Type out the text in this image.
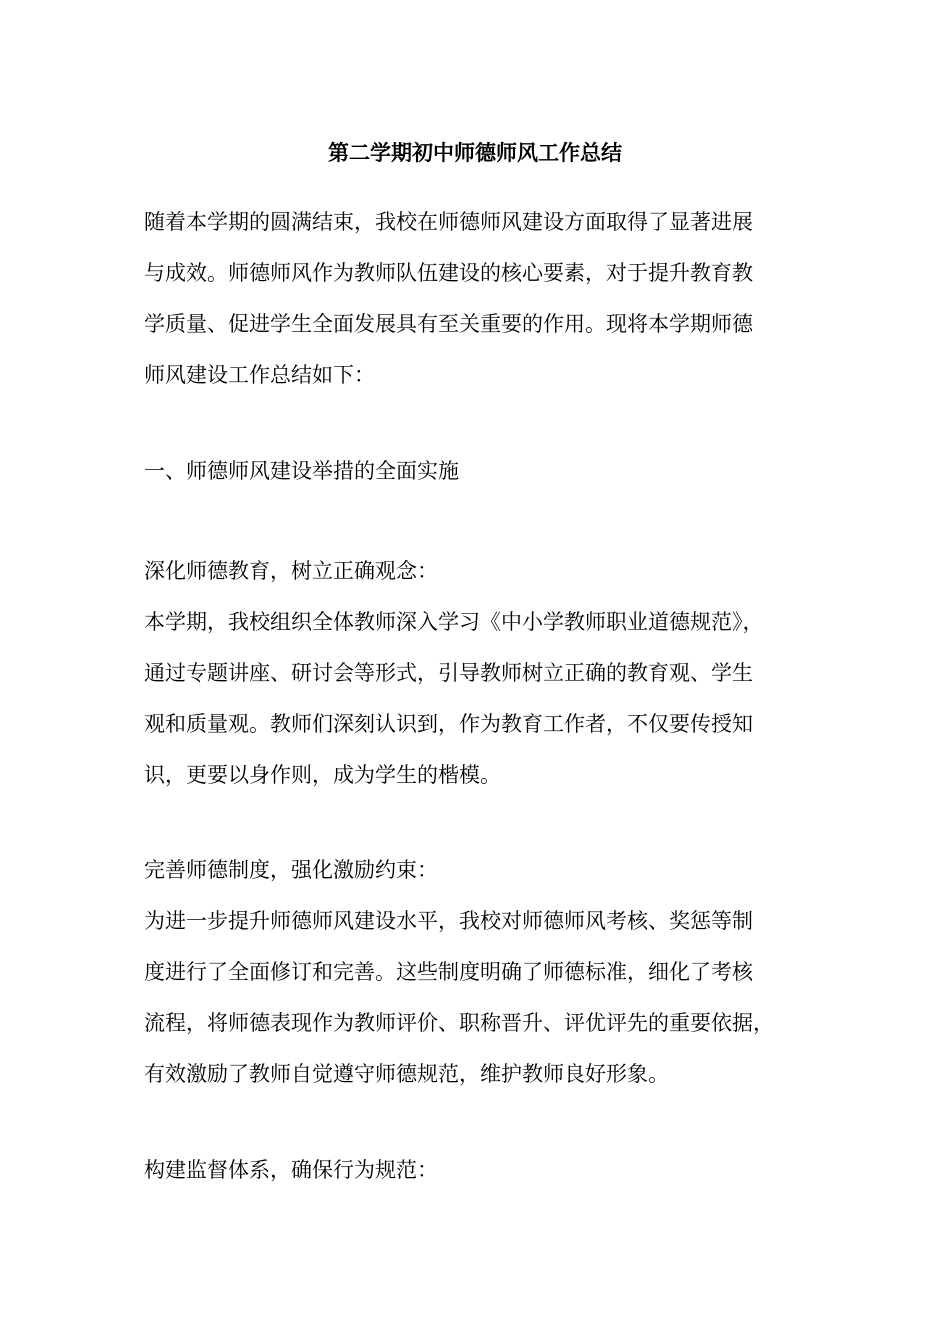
第二学期初中师德师风工作总结
随着本学期的圆满结束，我校在师德师风建设方面取得了显著进展
与成效。师德师风作为教师队伍建设的核心要素，对于提升教育教
学质量、促进学生全面发展具有至关重要的作用。现将本学期师德
师风建设工作总结如下：
一、师德师风建设举措的全面实施
深化师德教育，树立正确观念：
本学期，我校组织全体教师深入学习《中小学教师职业道德规范》，
通过专题讲座、研讨会等形式，引导教师树立正确的教育观、学生
观和质量观。教师们深刻认识到，作为教育工作者，不仅要传授知
识，更要以身作则，成为学生的楷模。
完善师德制度，强化激励约束：
为进一步提升师德师风建设水平，我校对师德师风考核、奖惩等制
度进行了全面修订和完善。这些制度明确了师德标准，细化了考核
流程，将师德表现作为教师评价、职称晋升、评优评先的重要依据，
有效激励了教师自觉遵守师德规范，维护教师良好形象。
构建监督体系，确保行为规范：
